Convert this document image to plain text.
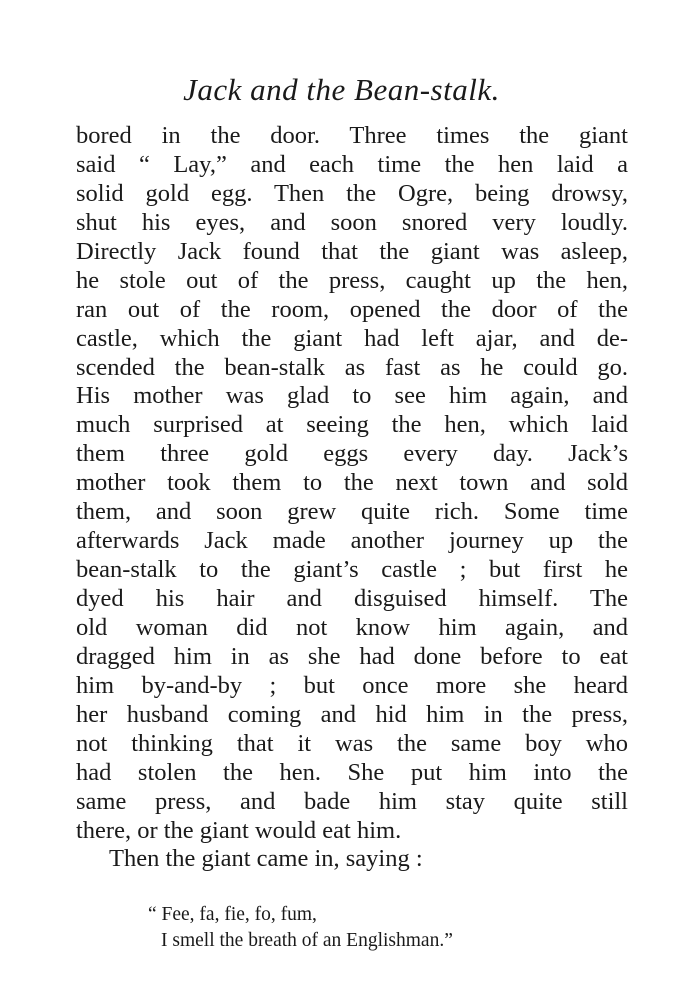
Jack and the Bean-stalk.
bored in the door. Three times the giant
said “ Lay,” and each time the hen laid a
solid gold egg. Then the Ogre, being drowsy,
shut his eyes, and soon snored very loudly.
Directly Jack found that the giant was asleep,
he stole out of the press, caught up the hen,
ran out of the room, opened the door of the
castle, which the giant had left ajar, and de-
scended the bean-stalk as fast as he could go.
His mother was glad to see him again, and
much surprised at seeing the hen, which laid
them three gold eggs every day. Jack’s
mother took them to the next town and sold
them, and soon grew quite rich. Some time
afterwards Jack made another journey up the
bean-stalk to the giant’s castle ; but first he
dyed his hair and disguised himself. The
old woman did not know him again, and
dragged him in as she had done before to eat
him by-and-by ; but once more she heard
her husband coming and hid him in the press,
not thinking that it was the same boy who
had stolen the hen. She put him into the
same press, and bade him stay quite still
there, or the giant would eat him.
Then the giant came in, saying :
“ Fee, fa, fie, fo, fum,
I smell the breath of an Englishman.”
